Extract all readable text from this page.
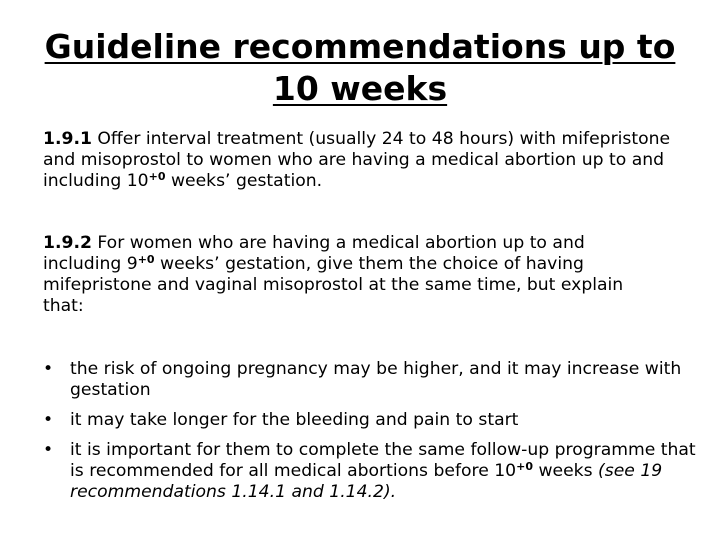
Guideline recommendations up to 10 weeks

1.9.1 Offer interval treatment (usually 24 to 48 hours) with mifepristone and misoprostol to women who are having a medical abortion up to and including $10^{+0}$ weeks’ gestation.

1.9.2 For women who are having a medical abortion up to and including $9^{+0}$ weeks’ gestation, give them the choice of having mifepristone and vaginal misoprostol at the same time, but explain that:

• the risk of ongoing pregnancy may be higher, and it may increase with gestation
• it may take longer for the bleeding and pain to start
• it is important for them to complete the same follow-up programme that is recommended for all medical abortions before $10^{+0}$ weeks (see 19 recommendations 1.14.1 and 1.14.2).
